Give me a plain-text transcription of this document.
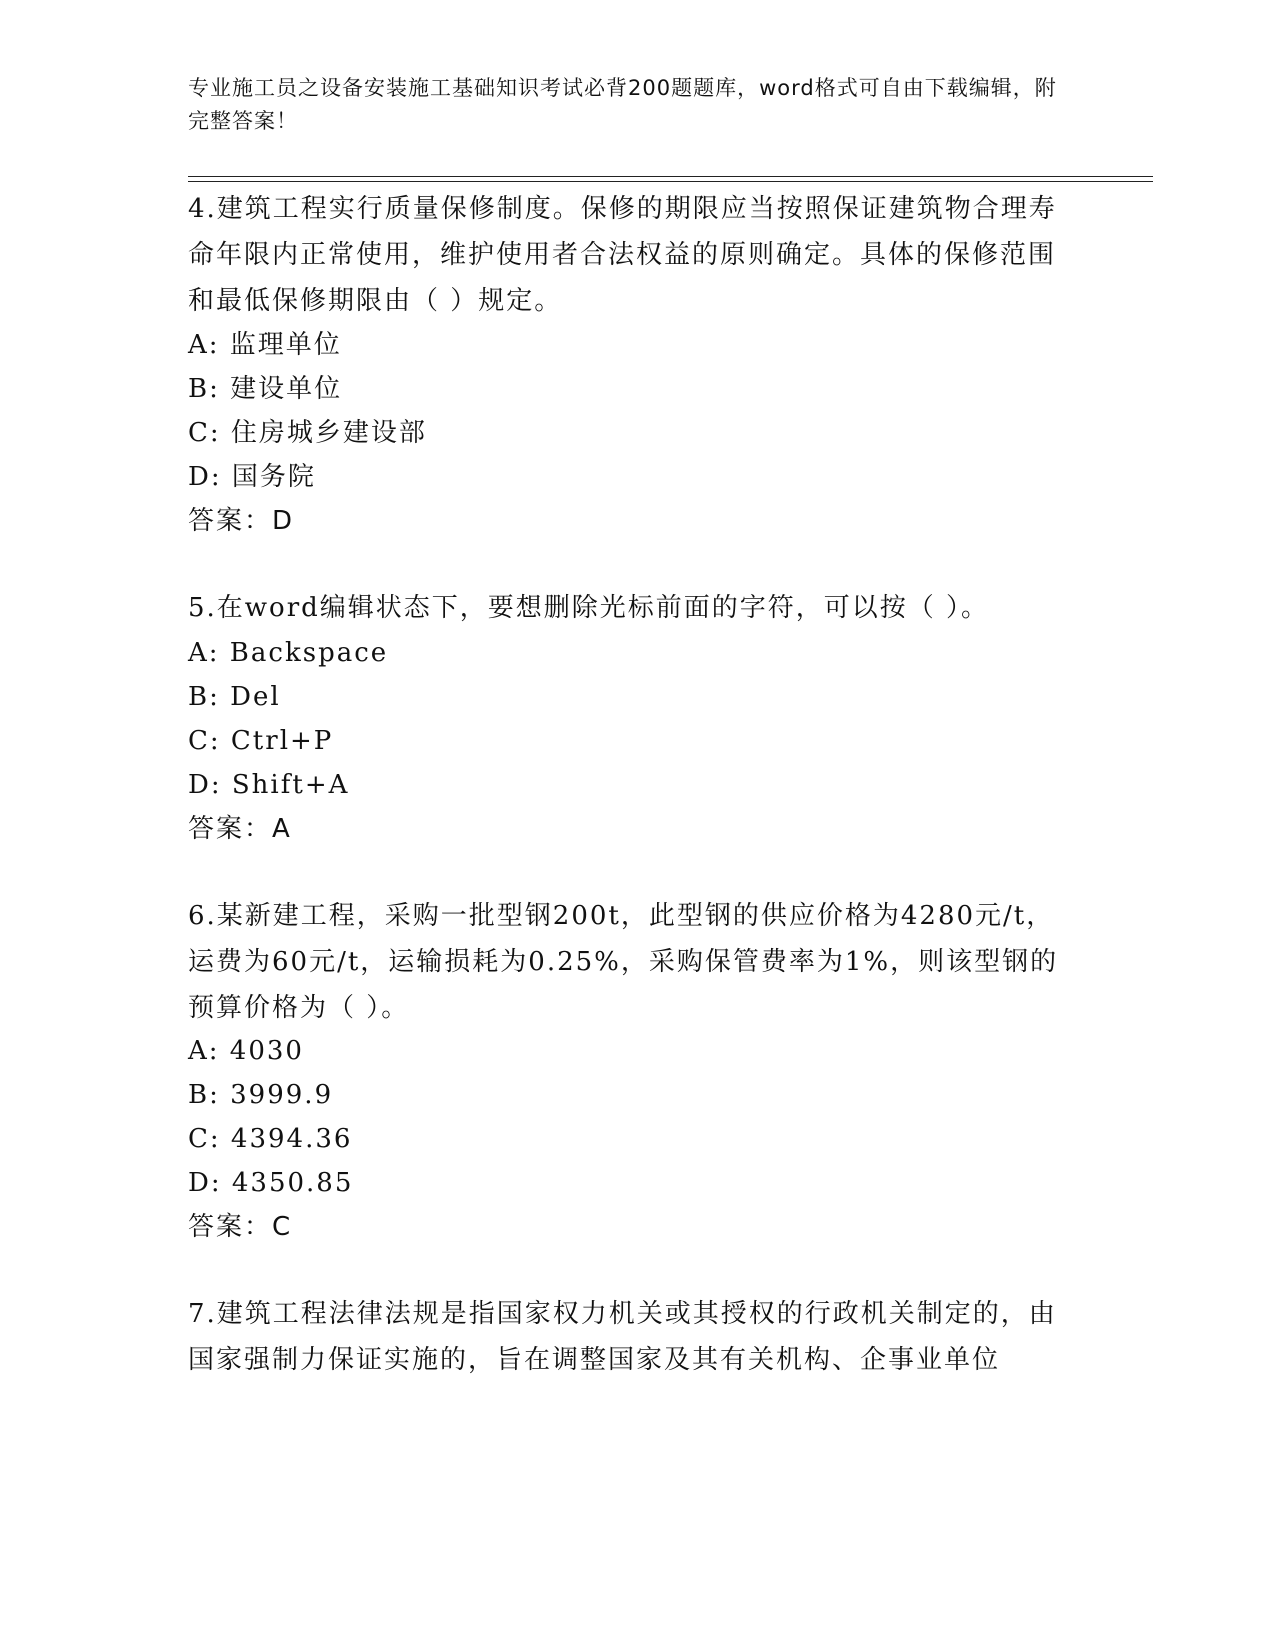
专业施工员之设备安装施工基础知识考试必背200题题库，word格式可自由下载编辑，附完整答案！
4.建筑工程实行质量保修制度。保修的期限应当按照保证建筑物合理寿命年限内正常使用，维护使用者合法权益的原则确定。具体的保修范围和最低保修期限由（ ）规定。
A: 监理单位
B: 建设单位
C: 住房城乡建设部
D: 国务院
答案：D
5.在word编辑状态下，要想删除光标前面的字符，可以按（ ）。
A: Backspace
B: Del
C: Ctrl+P
D: Shift+A
答案：A
6.某新建工程，采购一批型钢200t，此型钢的供应价格为4280元/t，运费为60元/t，运输损耗为0.25%，采购保管费率为1%，则该型钢的预算价格为（ ）。
A: 4030
B: 3999.9
C: 4394.36
D: 4350.85
答案：C
7.建筑工程法律法规是指国家权力机关或其授权的行政机关制定的，由国家强制力保证实施的，旨在调整国家及其有关机构、企事业单位
